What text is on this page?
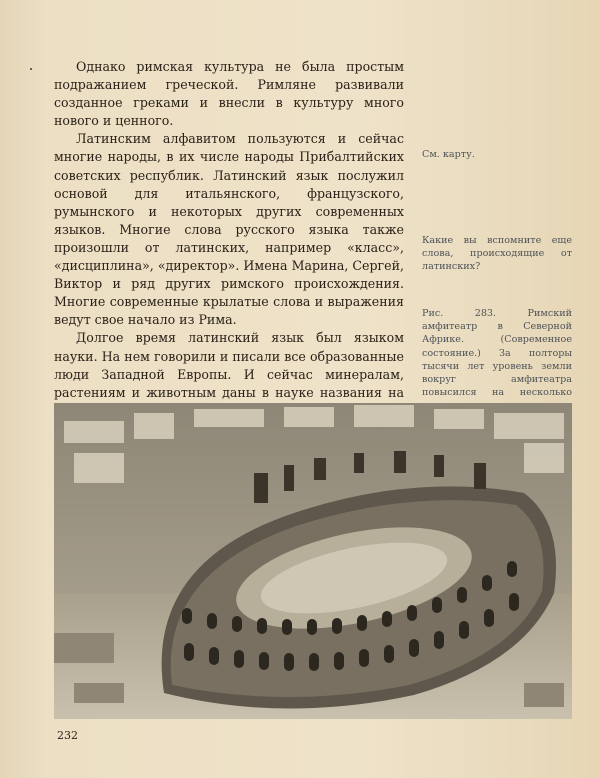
Однако римская культура не была простым подражанием греческой. Римляне развивали созданное греками и внесли в культуру много нового и ценного.

Латинским алфавитом пользуются и сейчас многие народы, в их числе народы Прибалтийских советских республик. Латинский язык послужил основой для итальянского, французского, румынского и некоторых других современных языков. Многие слова русского языка также произошли от латинских, например «класс», «дисциплина», «директор». Имена Марина, Сергей, Виктор и ряд других римского происхождения. Многие современные крылатые слова и выражения ведут свое начало из Рима.

Долгое время латинский язык был языком науки. На нем говорили и писали все образованные люди Западной Европы. И сейчас минералам, растениям и животным даны в науке названия на

См. карту.
Какие вы вспомните еще слова, происходящие от латинских?
Рис. 283. Римский амфитеатр в Северной Африке. (Современное состояние.) За полторы тысячи лет уровень земли вокруг амфитеатра повысился на несколько
232
